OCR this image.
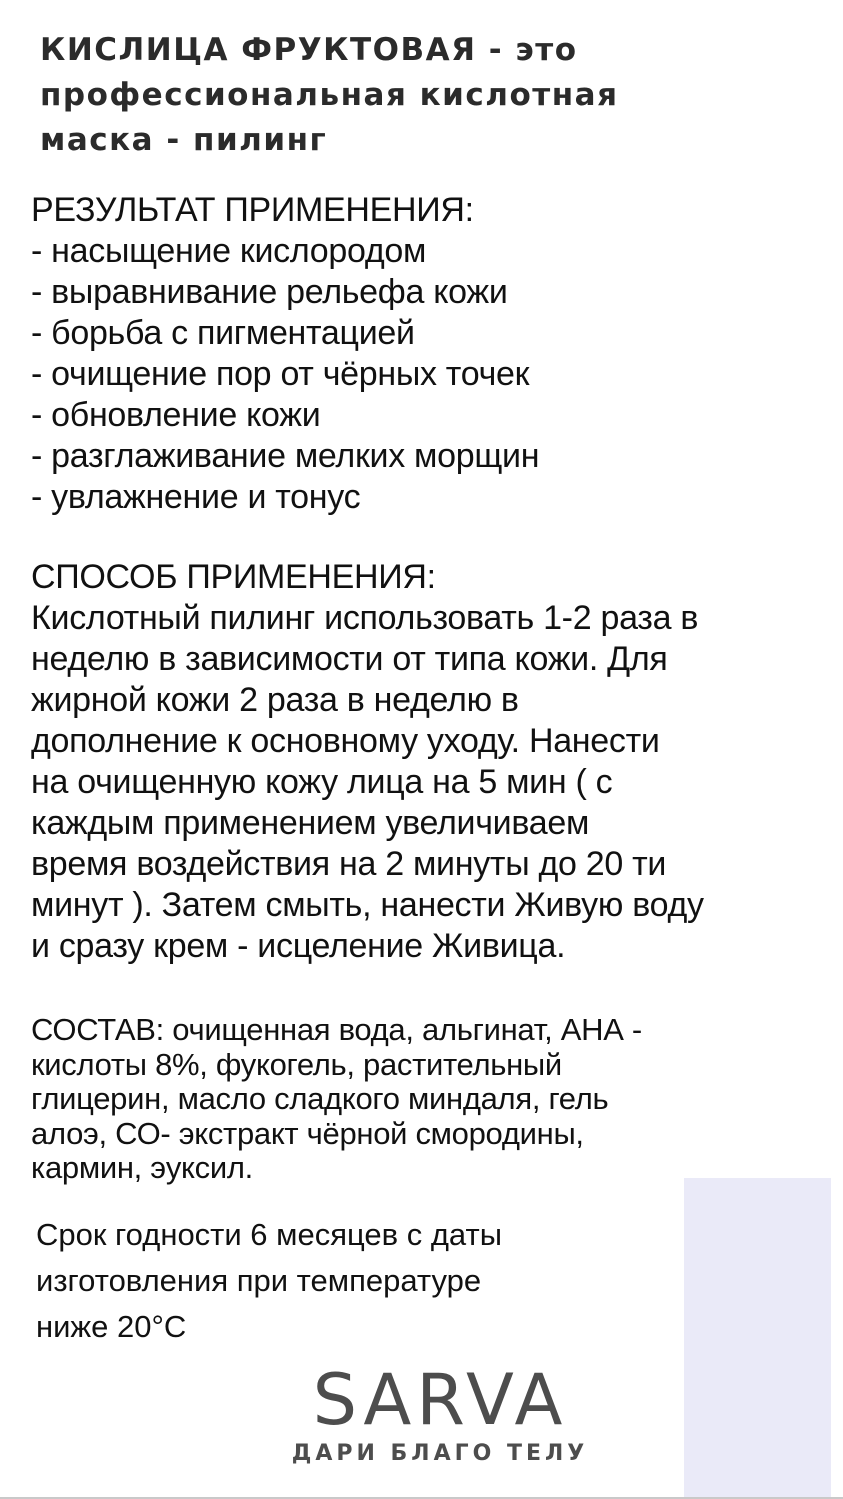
КИСЛИЦА ФРУКТОВАЯ - это
профессиональная кислотная
маска - пилинг
РЕЗУЛЬТАТ ПРИМЕНЕНИЯ:
- насыщение кислородом
- выравнивание рельефа кожи
- борьба с пигментацией
- очищение пор от чёрных точек
- обновление кожи
- разглаживание мелких морщин
- увлажнение и тонус
СПОСОБ ПРИМЕНЕНИЯ:
Кислотный пилинг использовать 1-2 раза в
неделю в зависимости от типа кожи. Для
жирной кожи 2 раза в неделю в
дополнение к основному уходу. Нанести
на очищенную кожу лица на 5 мин ( с
каждым применением увеличиваем
время воздействия на 2 минуты до 20 ти
минут ). Затем смыть, нанести Живую воду
и сразу крем - исцеление Живица.
СОСТАВ: очищенная вода, альгинат, АНА -
кислоты 8%, фукогель, растительный
глицерин, масло сладкого миндаля, гель
алоэ, СО- экстракт чёрной смородины,
кармин, эуксил.
Срок годности 6 месяцев с даты
изготовления при температуре
ниже 20°С
SARVA
ДАРИ БЛАГО ТЕЛУ
